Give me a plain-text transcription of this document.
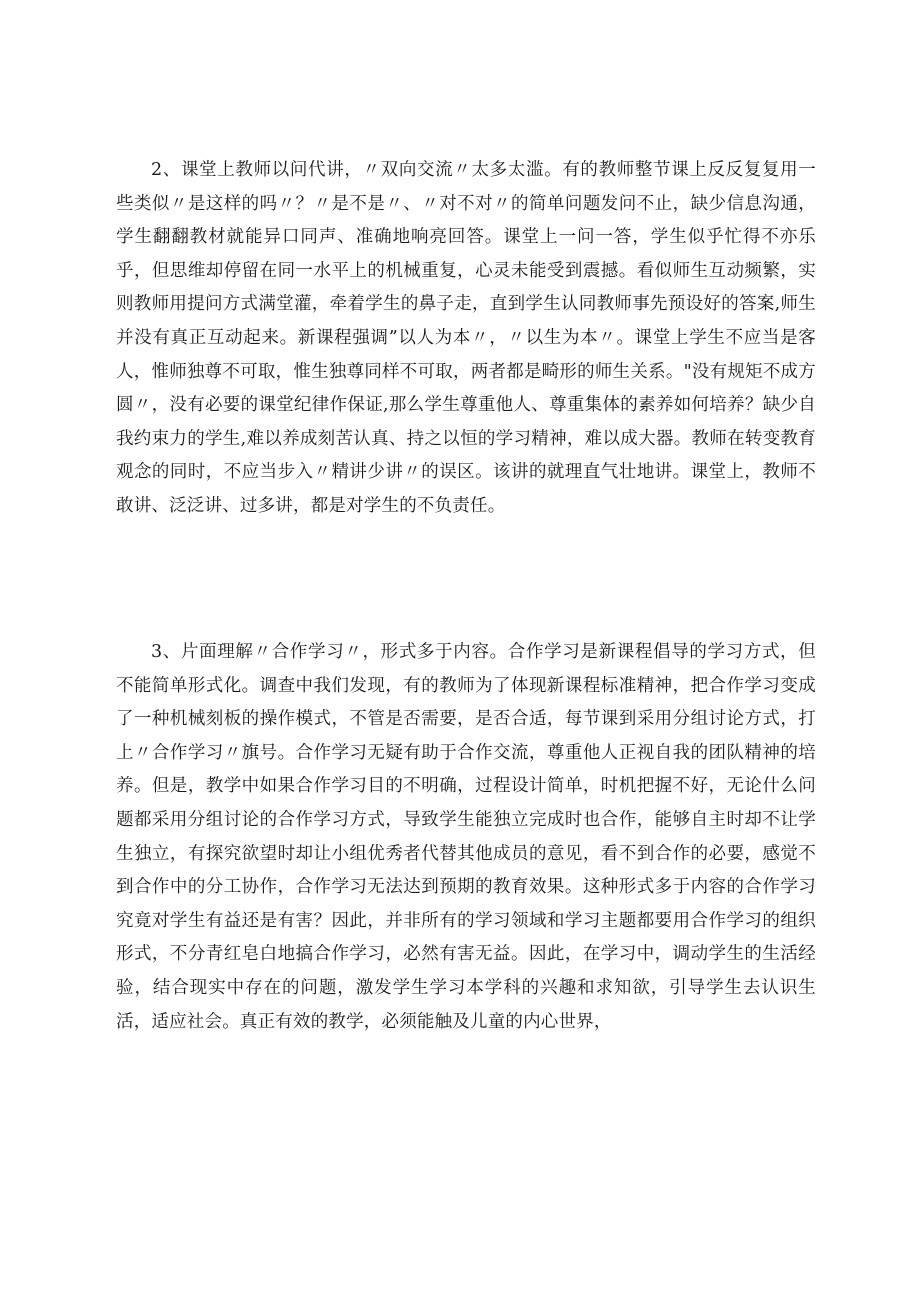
2、课堂上教师以问代讲，〃双向交流〃太多太滥。有的教师整节课上反反复复用一些类似〃是这样的吗〃？〃是不是〃、〃对不对〃的简单问题发问不止，缺少信息沟通，学生翻翻教材就能异口同声、准确地响亮回答。课堂上一问一答，学生似乎忙得不亦乐乎，但思维却停留在同一水平上的机械重复，心灵未能受到震撼。看似师生互动频繁，实则教师用提问方式满堂灌，牵着学生的鼻子走，直到学生认同教师事先预设好的答案,师生并没有真正互动起来。新课程强调”以人为本〃，〃以生为本〃。课堂上学生不应当是客人，惟师独尊不可取，惟生独尊同样不可取，两者都是畸形的师生关系。"没有规矩不成方圆〃，没有必要的课堂纪律作保证,那么学生尊重他人、尊重集体的素养如何培养？缺少自我约束力的学生,难以养成刻苦认真、持之以恒的学习精神，难以成大器。教师在转变教育观念的同时，不应当步入〃精讲少讲〃的误区。该讲的就理直气壮地讲。课堂上，教师不敢讲、泛泛讲、过多讲，都是对学生的不负责任。

3、片面理解〃合作学习〃，形式多于内容。合作学习是新课程倡导的学习方式，但不能简单形式化。调查中我们发现，有的教师为了体现新课程标准精神，把合作学习变成了一种机械刻板的操作模式，不管是否需要，是否合适，每节课到采用分组讨论方式，打上〃合作学习〃旗号。合作学习无疑有助于合作交流，尊重他人正视自我的团队精神的培养。但是，教学中如果合作学习目的不明确，过程设计简单，时机把握不好，无论什么问题都采用分组讨论的合作学习方式，导致学生能独立完成时也合作，能够自主时却不让学生独立，有探究欲望时却让小组优秀者代替其他成员的意见，看不到合作的必要，感觉不到合作中的分工协作，合作学习无法达到预期的教育效果。这种形式多于内容的合作学习究竟对学生有益还是有害？因此，并非所有的学习领域和学习主题都要用合作学习的组织形式，不分青红皂白地搞合作学习，必然有害无益。因此，在学习中，调动学生的生活经验，结合现实中存在的问题，激发学生学习本学科的兴趣和求知欲，引导学生去认识生活，适应社会。真正有效的教学，必须能触及儿童的内心世界，
